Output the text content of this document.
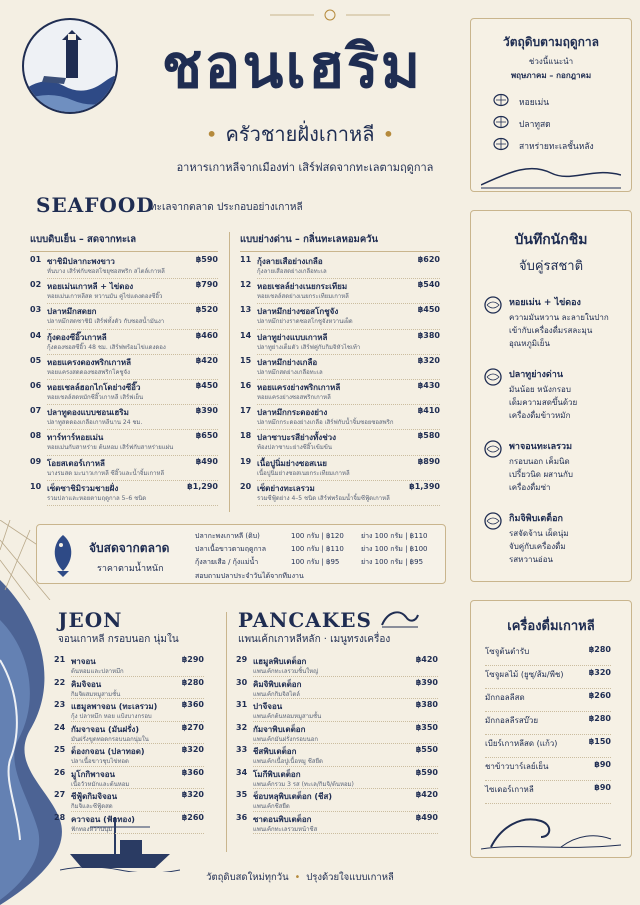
ชอนเฮริม
• ครัวชายฝั่งเกาหลี •
อาหารเกาหลีจากเมืองท่า เสิร์ฟสดจากทะเลตามฤดูกาล
SEAFOOD
ทะเลจากตลาด ประกอบอย่างเกาหลี
แบบดิบเย็น – สดจากทะเล	แบบย่างด่าน – กลิ่นทะเลหอมควัน
01 ซาชิมิปลากะพงขาว	฿590
หั่นบาง เสิร์ฟกับซอสโชยุซอสพริก สไตล์เกาหลี
02 หอยเม่นเกาหลี + ไข่ดอง	฿790
หอยเม่นเกาหลีสด หวานมัน คู่ไข่แดงดองซีอิ๊ว
03 ปลาหมึกสดยก	฿520
ปลาหมึกสดซาชิมิ เสิร์ฟทั้งตัว กับซอสน้ำมันงา
04 กุ้งดองซีอิ๊วเกาหลี	฿460
กุ้งดองซอสซีอิ๊ว 48 ชม. เสิร์ฟพร้อมไข่แดงดอง
05 หอยแครงดองพริกเกาหลี	฿420
หอยแครงสดดองซอสพริกโคชูจัง
06 หอยเชลล์ฮอกไกโดย่างซีอิ๊ว	฿450
หอยเชลล์สดหมักซีอิ๊วเกาหลี เสิร์ฟเย็น
07 ปลาทูดองแบบชอนเฮริม	฿390
ปลาทูสดดองเกลือเกาหลีนาน 24 ชม.
08 ทาร์ทาร์หอยเม่น	฿650
หอยเม่นกับสาหร่าย ต้นหอม เสิร์ฟกับสาหร่ายแผ่น
09 โอยสเตอร์เกาหลี	฿490
นางรมสด มะนาวเกาหลี ซีอิ๊วและน้ำจิ้มเกาหลี
10 เซ็ตซาชิมิรวมชายฝั่ง	฿1,290
รวมปลาและหอยตามฤดูกาล 5–6 ชนิด
11 กุ้งลายเสือย่างเกลือ	฿620
กุ้งลายเสือสดย่างเกลือทะเล
12 หอยเชลล์ย่างเนยกระเทียม	฿540
หอยเชลล์สดย่างเนยกระเทียมเกาหลี
13 ปลาหมึกย่างซอสโกชูจัง	฿450
ปลาหมึกย่างราดซอสโกชูจังหวานเผ็ด
14 ปลาทูย่างแบบเกาหลี	฿380
ปลาทูย่างเต็มตัว เสิร์ฟคู่กับกิมจิหัวไชเท้า
15 ปลาหมึกย่างเกลือ	฿320
ปลาหมึกสดย่างเกลือทะเล
16 หอยแครงย่างพริกเกาหลี	฿430
หอยแครงย่างซอสพริกเกาหลี
17 ปลาหมึกกระดองย่าง	฿410
ปลาหมึกกระดองย่างเกลือ เสิร์ฟกับน้ำจิ้มซอยซอสพริก
18 ปลาซาบะรสีย่างทั้งช่วง	฿580
ท้องปลาซาบะย่างซีอิ๊วเข้มข้น
19 เนื้อปูนิ่มย่างซอสเนย	฿890
เนื้อปูนิ่มย่างซอสเนยกระเทียมเกาหลี
20 เซ็ตย่างทะเลรวม	฿1,390
รวมซีฟู้ดย่าง 4–5 ชนิด เสิร์ฟพร้อมน้ำจิ้มซีฟู้ดเกาหลี
จับสดจากตลาด
ราคาตามน้ำหนัก
ปลากะพงเกาหลี (ดิบ)	100 กรัม | ฿120 ย่าง 100 กรัม | ฿110
ปลาเนื้อขาวตามฤดูกาล	100 กรัม | ฿110 ย่าง 100 กรัม | ฿100
กุ้งลายเสือ / กุ้งแม่น้ำ	100 กรัม | ฿95	ย่าง 100 กรัม | ฿95
สอบถามปลาประจำวันได้จากทีมงาน
JEON
จอนเกาหลี กรอบนอก นุ่มใน
21 พาจอน	฿290
ต้นหอมและปลาหมึก
22 คิมจิจอน	฿280
กิมจิผสมหมูสามชั้น
23 แฮมูลพาจอน (ทะเลรวม)	฿360
กุ้ง ปลาหมึก หอย แป้งบางกรอบ
24 กัมจาจอน (มันฝรั่ง)	฿270
มันฝรั่งขูดทอดกรอบนอกนุ่มใน
25 ด็องกจอน (ปลาทอด)	฿320
ปลาเนื้อขาวชุบไข่ทอด
26 มูโกกิพาจอน	฿360
เนื้อวัวหมักและต้นหอม
27 ซีฟู้ดกิมจิจอน	฿320
กิมจิและซีฟู้ดสด
28 ควาจอน (ฟักทอง)	฿260
ฟักทองหวานนุ่ม
PANCAKES
แพนเค้กเกาหลีหลัก · เมนูทรงเครื่อง
29 แฮมูลพิบเตต็อก	฿420
แพนเค้กทะเลรวมชิ้นใหญ่
30 คิมจิพิบเตต็อก	฿390
แพนเค้กกิมจิสไตล์
31 ปาจีจอน	฿380
แพนเค้กต้นหอมหมูสามชั้น
32 กัมจาพิบเตต็อก	฿350
แพนเค้กมันฝรั่งกรอบนอก
33 ชีสพิบเตต็อก	฿550
แพนเค้กเนื้อปูเนื้อหมู ชีสยืด
34 โมกีพิบเตต็อก	฿590
แพนเค้กรวม 3 รส (ทะเล/กิมจิ/ต้นหอม)
35 ช็อบหลุพิบเตต็อก (ชีส)	฿420
แพนเค้กชีสยืด
36 ซาดอนพิบเตต็อก	฿490
แพนเค้กทะเลรวมหน้าชีส
วัตถุดิบตามฤดูกาล
ช่วงนี้แนะนำ
พฤษภาคม – กอกฎาคม
หอยเม่น
ปลาทูสด
สาหร่ายทะเลชั้นหลัง
บันทึกนักชิม
จับคู่รสชาติ
หอยเม่น + ไข่ดอง
ความมันหวาน ละลายในปาก
เข้ากับเครื่องดื่มรสละมุน
อุณหภูมิเย็น
ปลาทูย่างด่าน
มันน้อย หนังกรอบ
เด็มความสดขึ้นด้วย
เครื่องดื่มข้าวหมัก
พาจอนทะเลรวม
กรอบนอก เค็มนิด
เปรี้ยวนิด ผสานกับ
เครื่องดื่มซ่า
กิมจิพิบเตต็อก
รสจัดจ้าน เผ็ดนุ่ม
จับคู่กับเครื่องดื่ม
รสหวานอ่อน
เครื่องดื่มเกาหลี
โซจูต้นตำรับ	฿280
โซจูผลไม้ (ยูซุ/ส้ม/พีช)	฿320
มักกอลลีสด	฿260
มักกอลลีรสบ๊วย	฿280
เบียร์เกาหลีสด (แก้ว)	฿150
ชาข้าวบาร์เลย์เย็น	฿90
ไซเดอร์เกาหลี	฿90
วัตถุดิบสดใหม่ทุกวัน • ปรุงด้วยใจแบบเกาหลี
